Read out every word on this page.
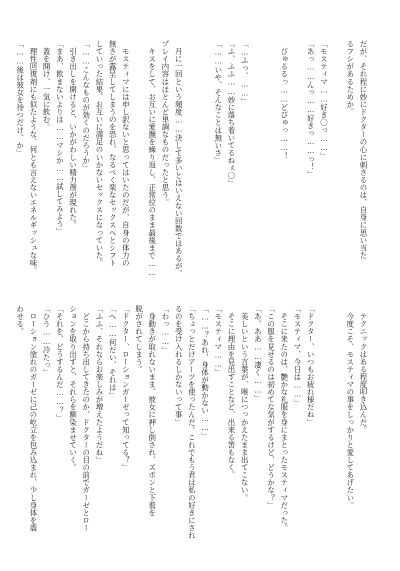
だが、それ程に妙にドクターの心に刺さるのは、自身に思い当た
るフシがあるためか。

「モスティマ……好き〇っ……」
「あっ……んっ……好きっ……っ！」

　びゅるるっ……どぴゅっ……！

「…ふっ、……」
「ふ、ふふ……妙に落ち着いてるねぇ〇」
「……いや、そんなことは無いさ」

　月に一回という頻度……決して多いとはいえない回数ではあるが、
プレイ内容はほとんど単調なものだったと思う。
　キスをして、お互いに愛撫を繰り返し、正常位のまま最後まで……

　モスティマには申し訳ないと思ってはいたのだが、自身の体力の
無さが露呈してしまうのを恐れ、なるべく楽なセックスへとシフト
していった結果、お互いに満足のいかないセックスになっていた。
「……こんなものが効くのだろうか」
　引き出しを開けると、いかがわしい精力剤が現れた。
「まあ、飲まないよりは……マシか……試してみよう」
　蓋を開け、一気に飲む。
　理性回復剤にも似たような、何とも言えないエネルギッシュな味。
「……後は彼女を待つだけ、か」
　テクニックはある程度叩き込んだ。
　今度こそ、モスティマの事をしっかりと愛してあげたい。

「ドクター、いつもお疲れ様だね」
「モスティマ、今日は……」
　そこに来たのは、艶かな礼服を身にまとったモスティマだった。
「この服を見せるのは初めてな気がするけど、どうかな？」
「あ、ああ……凄く……」
　美しいという言葉が、喉につっかえたまま出てこない。
　そこに理由を見出すことなど、出来る筈もなく。
「モスティマ……」
「……？あれ、身体が動かない……」
「ちょっとだけアーツを使ったんだ。これでもう君は私の好きにされ
るのを受け入れるしかないって事」
「わっ……」
　身動きが取れないまま、彼女に押し倒され、ズボンと下着を
脱がされてしまう。
「ドクター、ローションガーゼって知ってる？」
「へ……何だい、それは」
「ふふ、それならお楽しみが増えたようだね」
　どこから持ち出してきたのか、ドクターの目の前でガーゼとロー
ションを取り出すと、それらを馴染ませていく。
「それを、どうするんだ……？」
「ひう……冷たっ」
　ローション塗れのガーゼに己の屹立を包み込まれ、少し身体を震
わせる。
